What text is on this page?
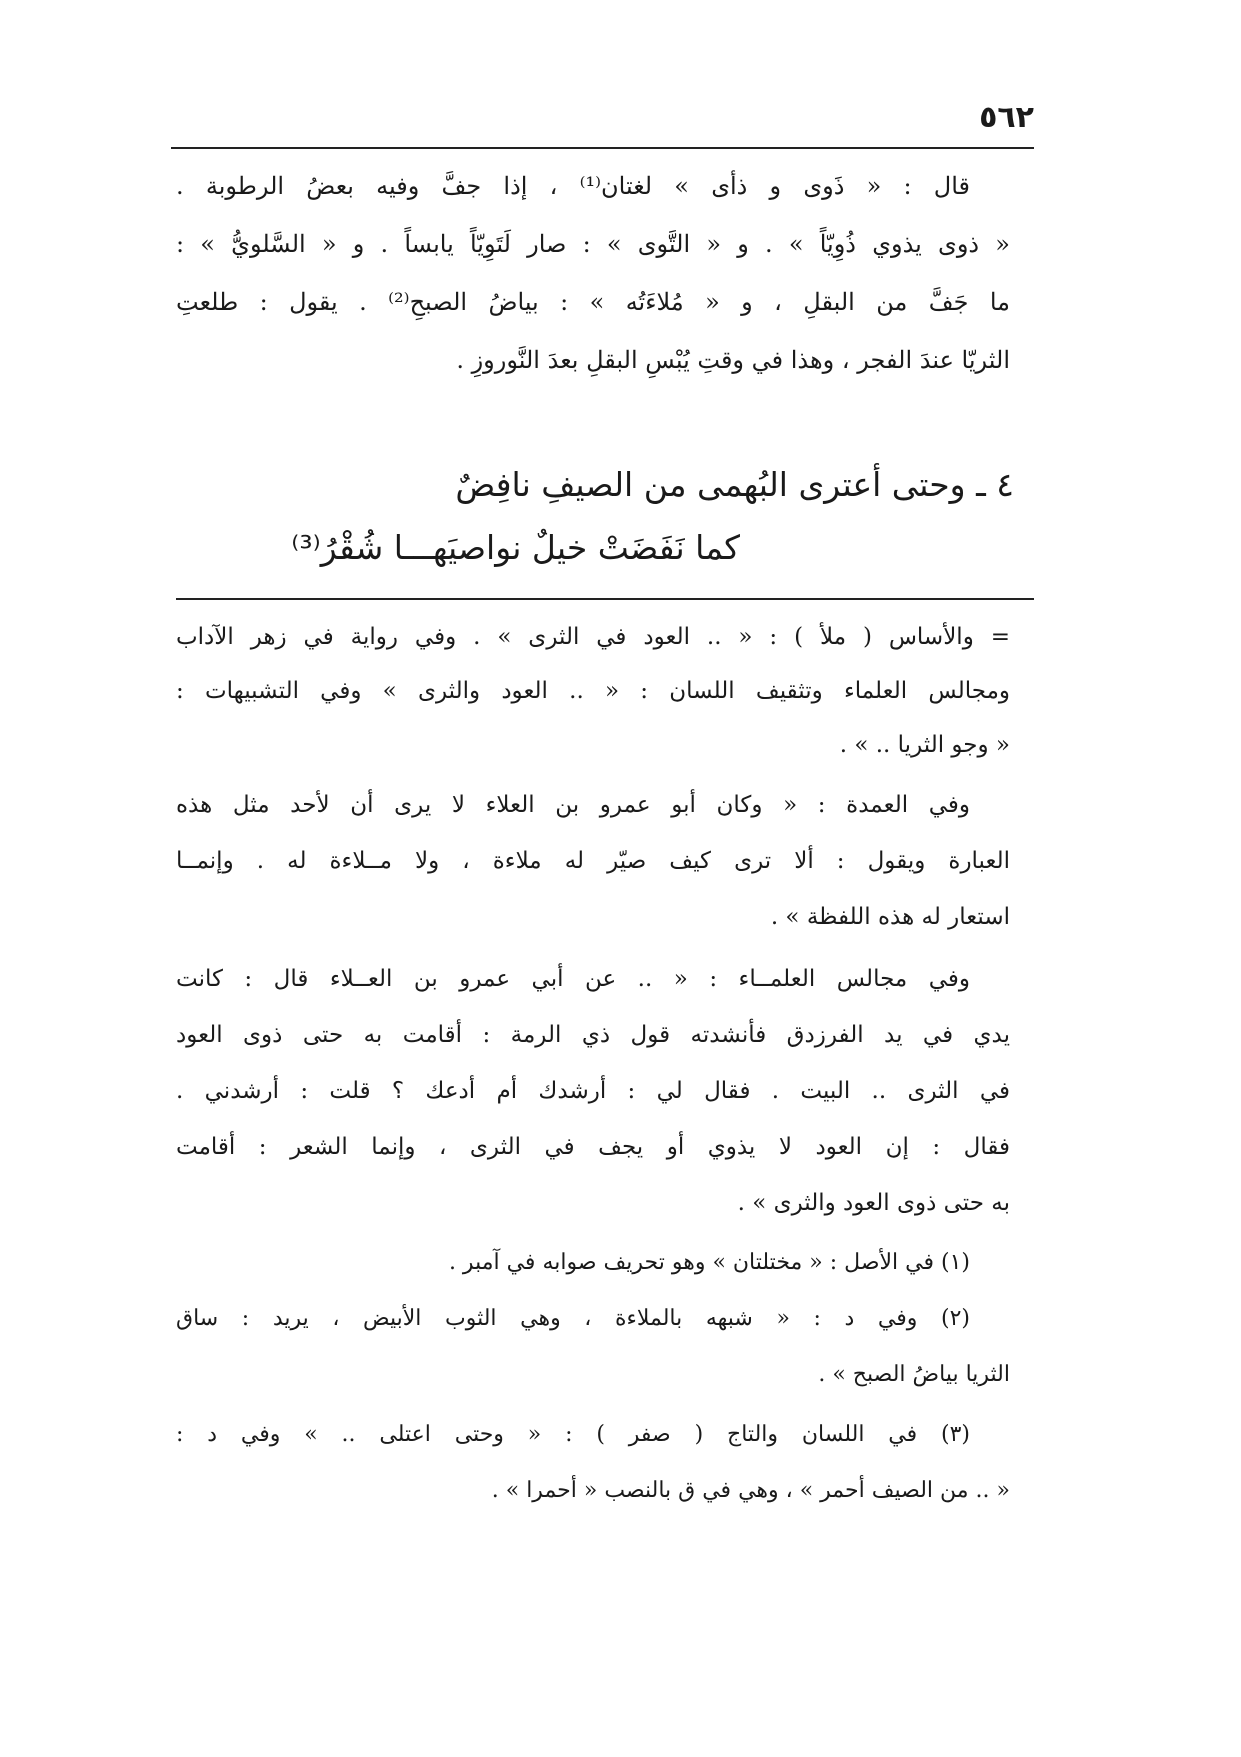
٥٦٢
قال : « ذَوى و ذأى » لغتان⁽¹⁾ ، إذا جفَّ وفيه بعضُ الرطوبة .
« ذوى يذوي ذُوِيّاً » . و « التَّوى » : صار لَتَوِيّاً يابساً . و « السَّلويُّ » :
ما جَفَّ من البقلِ ، و « مُلاءَتُه » : بياضُ الصبحِ⁽²⁾ . يقول : طلعتِ
الثريّا عندَ الفجر ، وهذا في وقتِ يُبْسِ البقلِ بعدَ النَّوروزِ .
٤ ـ وحتى أعترى البُهمى من الصيفِ نافِضٌ
كما نَفَضَتْ خيلٌ نواصيَهـــا شُقْرُ⁽³⁾
= والأساس ( ملأ ) : « .. العود في الثرى » . وفي رواية في زهر الآداب
ومجالس العلماء وتثقيف اللسان : « .. العود والثرى » وفي التشبيهات :
« وجو الثريا .. » .
وفي العمدة : « وكان أبو عمرو بن العلاء لا يرى أن لأحد مثل هذه
العبارة ويقول : ألا ترى كيف صيّر له ملاءة ، ولا مــلاءة له . وإنمــا
استعار له هذه اللفظة » .
وفي مجالس العلمــاء : « .. عن أبي عمرو بن العــلاء قال : كانت
يدي في يد الفرزدق فأنشدته قول ذي الرمة : أقامت به حتى ذوى العود
في الثرى .. البيت . فقال لي : أرشدك أم أدعك ؟ قلت : أرشدني .
فقال : إن العود لا يذوي أو يجف في الثرى ، وإنما الشعر : أقامت
به حتى ذوى العود والثرى » .
(١) في الأصل : « مختلتان » وهو تحريف صوابه في آمبر .
(٢) وفي د : « شبهه بالملاءة ، وهي الثوب الأبيض ، يريد : ساق
الثريا بياضُ الصبح » .
(٣) في اللسان والتاج ( صفر ) : « وحتى اعتلى .. » وفي د :
« .. من الصيف أحمر » ، وهي في ق بالنصب « أحمرا » .
